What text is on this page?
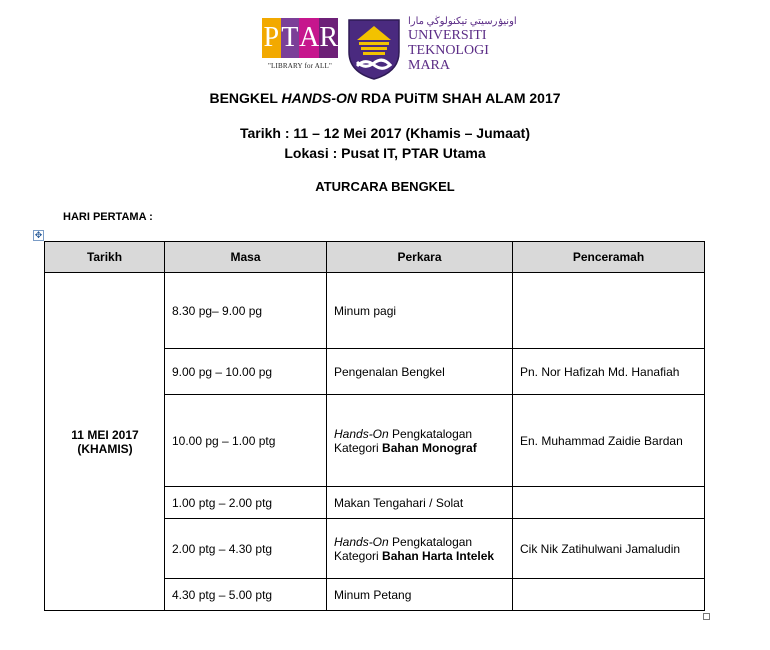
P T A R
"LIBRARY for ALL"
اونيۏرسيتي تيكنولوڬي مارا
UNIVERSITI
TEKNOLOGI
MARA
BENGKEL HANDS-ON RDA PUiTM SHAH ALAM 2017
Tarikh : 11 – 12 Mei 2017 (Khamis – Jumaat)
Lokasi : Pusat IT, PTAR Utama
ATURCARA BENGKEL
HARI PERTAMA :
✥
Tarikh	Masa	Perkara	Penceramah

11 MEI 2017
(KHAMIS)	8.30 pg– 9.00 pg	Minum pagi	
	9.00 pg – 10.00 pg	Pengenalan Bengkel	Pn. Nor Hafizah Md. Hanafiah
	10.00 pg – 1.00 ptg	Hands-On Pengkatalogan
Kategori Bahan Monograf	En. Muhammad Zaidie Bardan
	1.00 ptg – 2.00 ptg	Makan Tengahari / Solat	
	2.00 ptg – 4.30 ptg	Hands-On Pengkatalogan
Kategori Bahan Harta Intelek	Cik Nik Zatihulwani Jamaludin
	4.30 ptg – 5.00 ptg	Minum Petang	
